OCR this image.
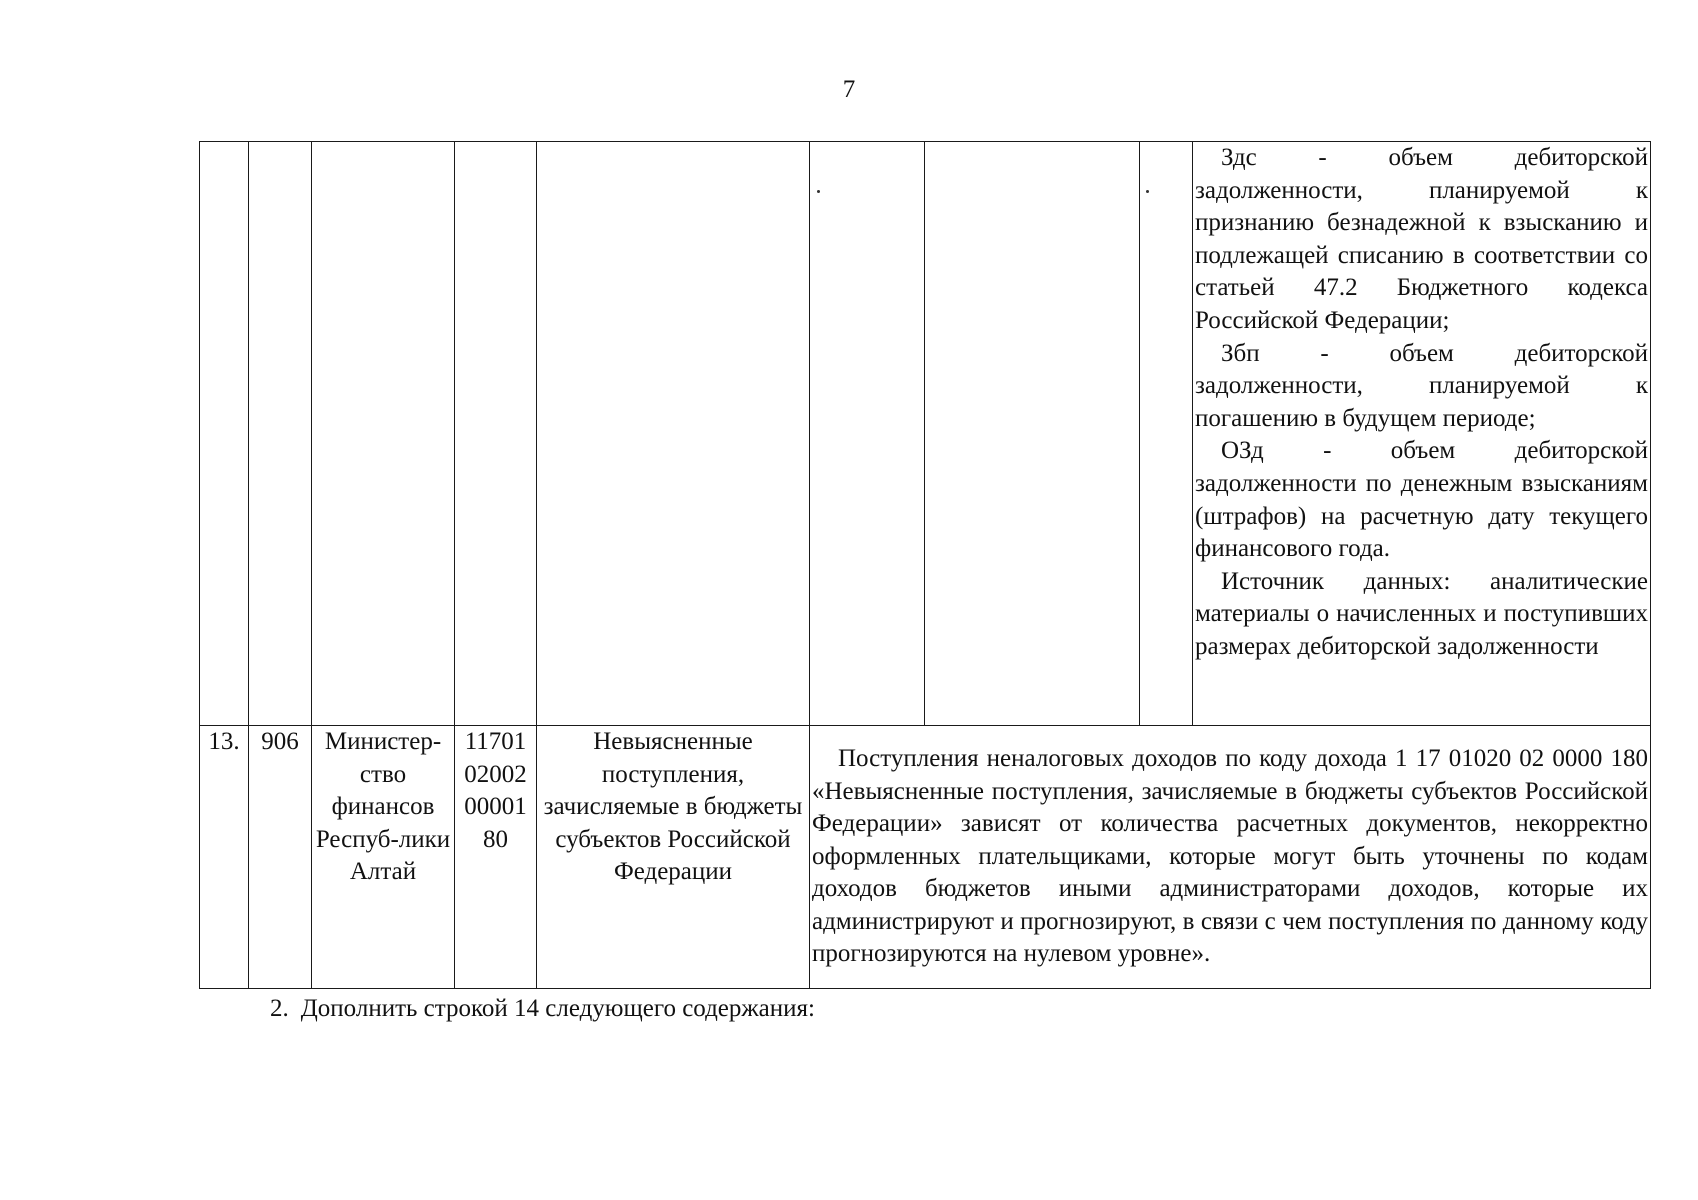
7

								Здс - объем дебиторской задолженности, планируемой к признанию безнадежной к взысканию и подлежащей списанию в соответствии со статьей 47.2 Бюджетного кодекса Российской Федерации;
Збп - объем дебиторской задолженности, планируемой к погашению в будущем периоде;
ОЗд - объем дебиторской задолженности по денежным взысканиям (штрафов) на расчетную дату текущего финансового года.
Источник данных: аналитические материалы о начисленных и поступивших размерах дебиторской задолженности

13.	906	Министер-ство финансов Респуб-лики Алтай	11701 02002 00001 80	Невыясненные поступления, зачисляемые в бюджеты субъектов Российской Федерации	Поступления неналоговых доходов по коду дохода 1 17 01020 02 0000 180 «Невыясненные поступления, зачисляемые в бюджеты субъектов Российской Федерации» зависят от количества расчетных документов, некорректно оформленных плательщиками, которые могут быть уточнены по кодам доходов бюджетов иными администраторами доходов, которые их администрируют и прогнозируют, в связи с чем поступления по данному коду прогнозируются на нулевом уровне».			
2. Дополнить строкой 14 следующего содержания:
